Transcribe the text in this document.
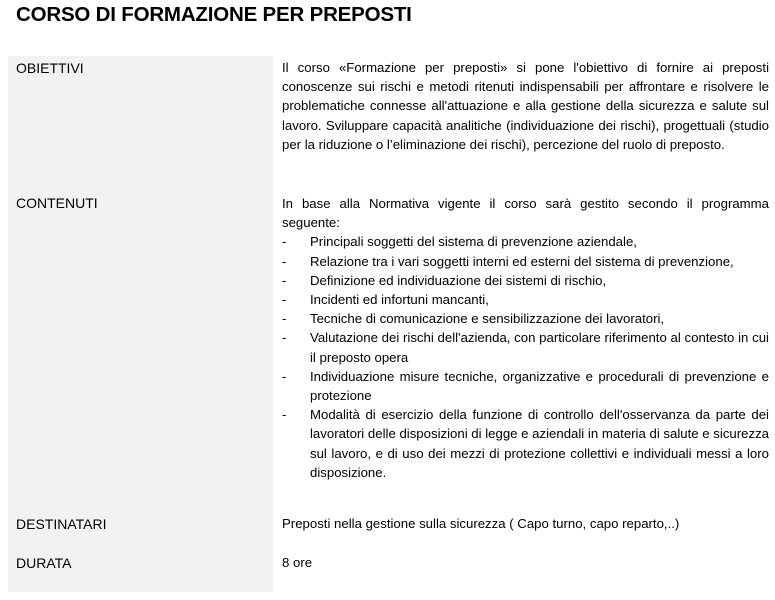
CORSO DI FORMAZIONE PER PREPOSTI
OBIETTIVI	Il corso «Formazione per preposti» si pone l'obiettivo di fornire ai preposti conoscenze sui rischi e metodi ritenuti indispensabili per affrontare e risolvere le problematiche connesse all'attuazione e alla gestione della sicurezza e salute sul lavoro. Sviluppare capacità analitiche (individuazione dei rischi), progettuali (studio per la riduzione o l’eliminazione dei rischi), percezione del ruolo di preposto.
CONTENUTI	In base alla Normativa vigente il corso sarà gestito secondo il programma seguente:

- Principali soggetti del sistema di prevenzione aziendale,
- Relazione tra i vari soggetti interni ed esterni del sistema di prevenzione,
- Definizione ed individuazione dei sistemi di rischio,
- Incidenti ed infortuni mancanti,
- Tecniche di comunicazione e sensibilizzazione dei lavoratori,
- Valutazione dei rischi dell'azienda, con particolare riferimento al contesto in cui il preposto opera
- Individuazione misure tecniche, organizzative e procedurali di prevenzione e protezione
- Modalità di esercizio della funzione di controllo dell'osservanza da parte dei lavoratori delle disposizioni di legge e aziendali in materia di salute e sicurezza sul lavoro, e di uso dei mezzi di protezione collettivi e individuali messi a loro disposizione.
DESTINATARI	Preposti nella gestione sulla sicurezza ( Capo turno, capo reparto,..)
DURATA	8 ore
